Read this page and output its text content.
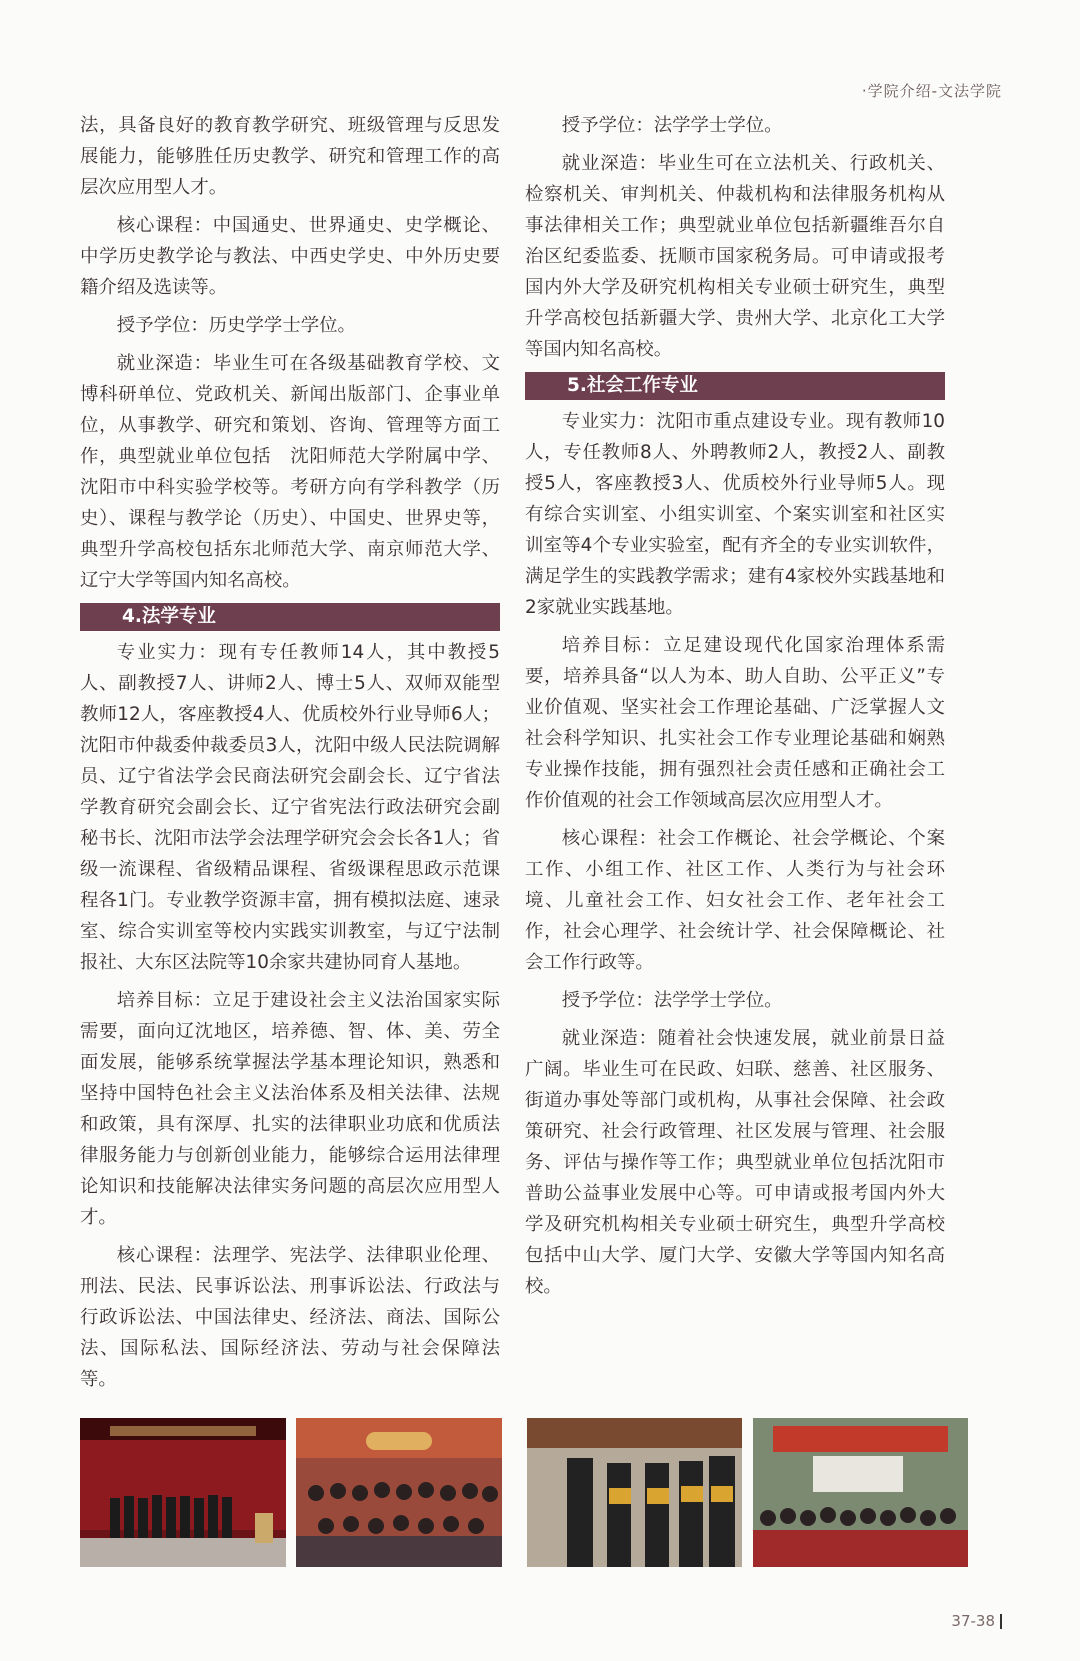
·学院介绍-文法学院

法，具备良好的教育教学研究、班级管理与反思发展能力，能够胜任历史教学、研究和管理工作的高层次应用型人才。

核心课程：中国通史、世界通史、史学概论、中学历史教学论与教法、中西史学史、中外历史要籍介绍及选读等。

授予学位：历史学学士学位。

就业深造：毕业生可在各级基础教育学校、文博科研单位、党政机关、新闻出版部门、企事业单位，从事教学、研究和策划、咨询、管理等方面工作，典型就业单位包括　沈阳师范大学附属中学、沈阳市中科实验学校等。考研方向有学科教学（历史）、课程与教学论（历史）、中国史、世界史等，典型升学高校包括东北师范大学、南京师范大学、辽宁大学等国内知名高校。

4.法学专业

专业实力：现有专任教师14人，其中教授5人、副教授7人、讲师2人、博士5人、双师双能型教师12人，客座教授4人、优质校外行业导师6人；沈阳市仲裁委仲裁委员3人，沈阳中级人民法院调解员、辽宁省法学会民商法研究会副会长、辽宁省法学教育研究会副会长、辽宁省宪法行政法研究会副秘书长、沈阳市法学会法理学研究会会长各1人；省级一流课程、省级精品课程、省级课程思政示范课程各1门。专业教学资源丰富，拥有模拟法庭、速录室、综合实训室等校内实践实训教室，与辽宁法制报社、大东区法院等10余家共建协同育人基地。

培养目标：立足于建设社会主义法治国家实际需要，面向辽沈地区，培养德、智、体、美、劳全面发展，能够系统掌握法学基本理论知识，熟悉和坚持中国特色社会主义法治体系及相关法律、法规和政策，具有深厚、扎实的法律职业功底和优质法律服务能力与创新创业能力，能够综合运用法律理论知识和技能解决法律实务问题的高层次应用型人才。

核心课程：法理学、宪法学、法律职业伦理、刑法、民法、民事诉讼法、刑事诉讼法、行政法与行政诉讼法、中国法律史、经济法、商法、国际公法、国际私法、国际经济法、劳动与社会保障法等。

授予学位：法学学士学位。

就业深造：毕业生可在立法机关、行政机关、检察机关、审判机关、仲裁机构和法律服务机构从事法律相关工作；典型就业单位包括新疆维吾尔自治区纪委监委、抚顺市国家税务局。可申请或报考国内外大学及研究机构相关专业硕士研究生，典型升学高校包括新疆大学、贵州大学、北京化工大学等国内知名高校。

5.社会工作专业

专业实力：沈阳市重点建设专业。现有教师10人，专任教师8人、外聘教师2人，教授2人、副教授5人，客座教授3人、优质校外行业导师5人。现有综合实训室、小组实训室、个案实训室和社区实训室等4个专业实验室，配有齐全的专业实训软件，满足学生的实践教学需求；建有4家校外实践基地和2家就业实践基地。

培养目标：立足建设现代化国家治理体系需要，培养具备“以人为本、助人自助、公平正义”专业价值观、坚实社会工作理论基础、广泛掌握人文社会科学知识、扎实社会工作专业理论基础和娴熟专业操作技能，拥有强烈社会责任感和正确社会工作价值观的社会工作领域高层次应用型人才。

核心课程：社会工作概论、社会学概论、个案工作、小组工作、社区工作、人类行为与社会环境、儿童社会工作、妇女社会工作、老年社会工作，社会心理学、社会统计学、社会保障概论、社会工作行政等。

授予学位：法学学士学位。

就业深造：随着社会快速发展，就业前景日益广阔。毕业生可在民政、妇联、慈善、社区服务、街道办事处等部门或机构，从事社会保障、社会政策研究、社会行政管理、社区发展与管理、社会服务、评估与操作等工作；典型就业单位包括沈阳市普助公益事业发展中心等。可申请或报考国内外大学及研究机构相关专业硕士研究生，典型升学高校包括中山大学、厦门大学、安徽大学等国内知名高校。

37-38
